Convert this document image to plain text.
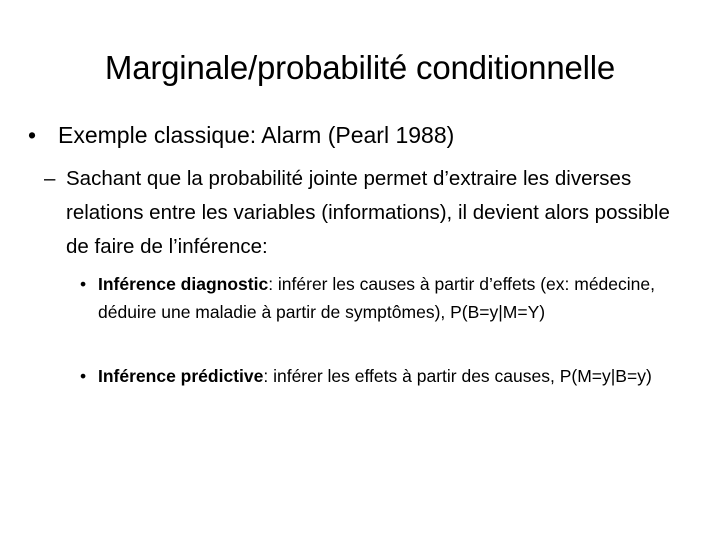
Marginale/probabilité conditionnelle
• Exemple classique: Alarm (Pearl 1988)
– Sachant que la probabilité jointe permet d’extraire les diverses relations entre les variables (informations), il devient alors possible de faire de l’inférence:
• Inférence diagnostic: inférer les causes à partir d’effets (ex: médecine, déduire une maladie à partir de symptômes), P(B=y|M=Y)
• Inférence prédictive: inférer les effets à partir des causes, P(M=y|B=y)
